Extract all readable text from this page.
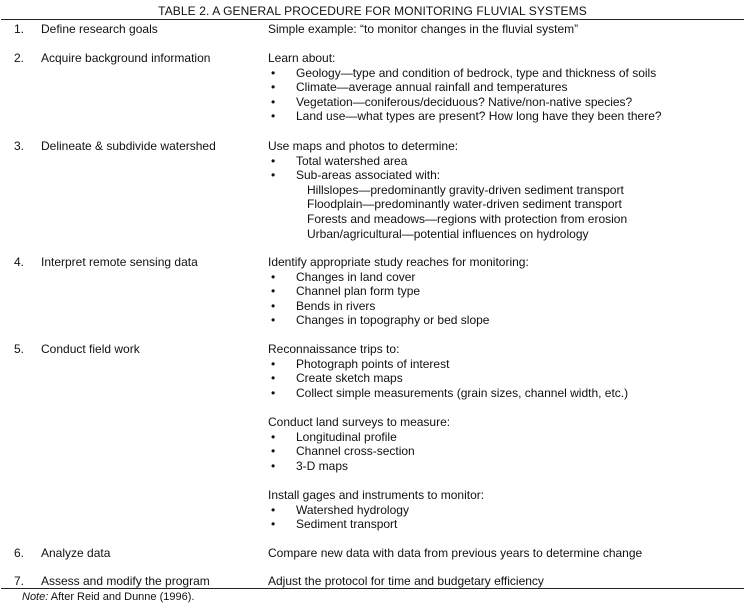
TABLE 2. A GENERAL PROCEDURE FOR MONITORING FLUVIAL SYSTEMS
1. Define research goals	Simple example: “to monitor changes in the fluvial system”
2. Acquire background information	Learn about:
• Geology—type and condition of bedrock, type and thickness of soils
• Climate—average annual rainfall and temperatures
• Vegetation—coniferous/deciduous? Native/non-native species?
• Land use—what types are present? How long have they been there?
3. Delineate & subdivide watershed	Use maps and photos to determine:
• Total watershed area
• Sub-areas associated with:
Hillslopes—predominantly gravity-driven sediment transport
Floodplain—predominantly water-driven sediment transport
Forests and meadows—regions with protection from erosion
Urban/agricultural—potential influences on hydrology
4. Interpret remote sensing data	Identify appropriate study reaches for monitoring:
• Changes in land cover
• Channel plan form type
• Bends in rivers
• Changes in topography or bed slope
5. Conduct field work	Reconnaissance trips to:
• Photograph points of interest
• Create sketch maps
• Collect simple measurements (grain sizes, channel width, etc.)
Conduct land surveys to measure:
• Longitudinal profile
• Channel cross-section
• 3-D maps
Install gages and instruments to monitor:
• Watershed hydrology
• Sediment transport
6. Analyze data	Compare new data with data from previous years to determine change
7. Assess and modify the program	Adjust the protocol for time and budgetary efficiency
Note: After Reid and Dunne (1996).
